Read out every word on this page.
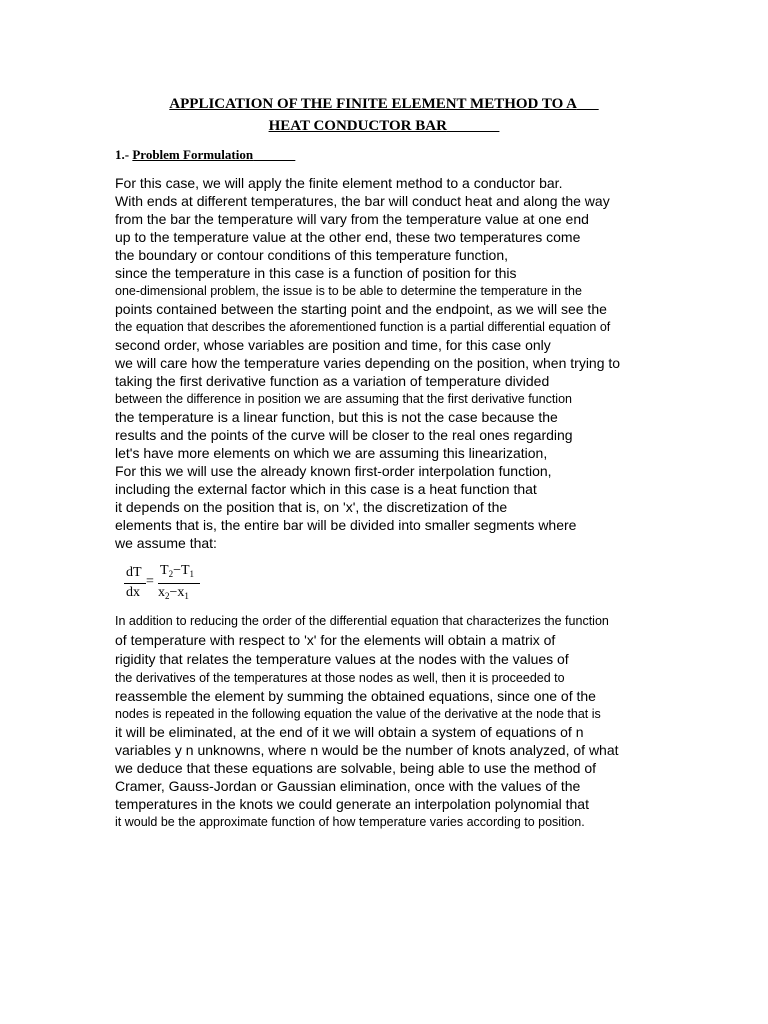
APPLICATION OF THE FINITE ELEMENT METHOD TO A
HEAT CONDUCTOR BAR
1.- Problem Formulation
For this case, we will apply the finite element method to a conductor bar.
With ends at different temperatures, the bar will conduct heat and along the way
from the bar the temperature will vary from the temperature value at one end
up to the temperature value at the other end, these two temperatures come
the boundary or contour conditions of this temperature function,
since the temperature in this case is a function of position for this
one-dimensional problem, the issue is to be able to determine the temperature in the
points contained between the starting point and the endpoint, as we will see the
the equation that describes the aforementioned function is a partial differential equation of
second order, whose variables are position and time, for this case only
we will care how the temperature varies depending on the position, when trying to
taking the first derivative function as a variation of temperature divided
between the difference in position we are assuming that the first derivative function
the temperature is a linear function, but this is not the case because the
results and the points of the curve will be closer to the real ones regarding
let's have more elements on which we are assuming this linearization,
For this we will use the already known first-order interpolation function,
including the external factor which in this case is a heat function that
it depends on the position that is, on 'x', the discretization of the
elements that is, the entire bar will be divided into smaller segments where
we assume that:
dT
dx
=
$T_2-T_1$
$x_2-x_1$
In addition to reducing the order of the differential equation that characterizes the function
of temperature with respect to 'x' for the elements will obtain a matrix of
rigidity that relates the temperature values at the nodes with the values of
the derivatives of the temperatures at those nodes as well, then it is proceeded to
reassemble the element by summing the obtained equations, since one of the
nodes is repeated in the following equation the value of the derivative at the node that is
it will be eliminated, at the end of it we will obtain a system of equations of n
variables y n unknowns, where n would be the number of knots analyzed, of what
we deduce that these equations are solvable, being able to use the method of
Cramer, Gauss-Jordan or Gaussian elimination, once with the values of the
temperatures in the knots we could generate an interpolation polynomial that
it would be the approximate function of how temperature varies according to position.
